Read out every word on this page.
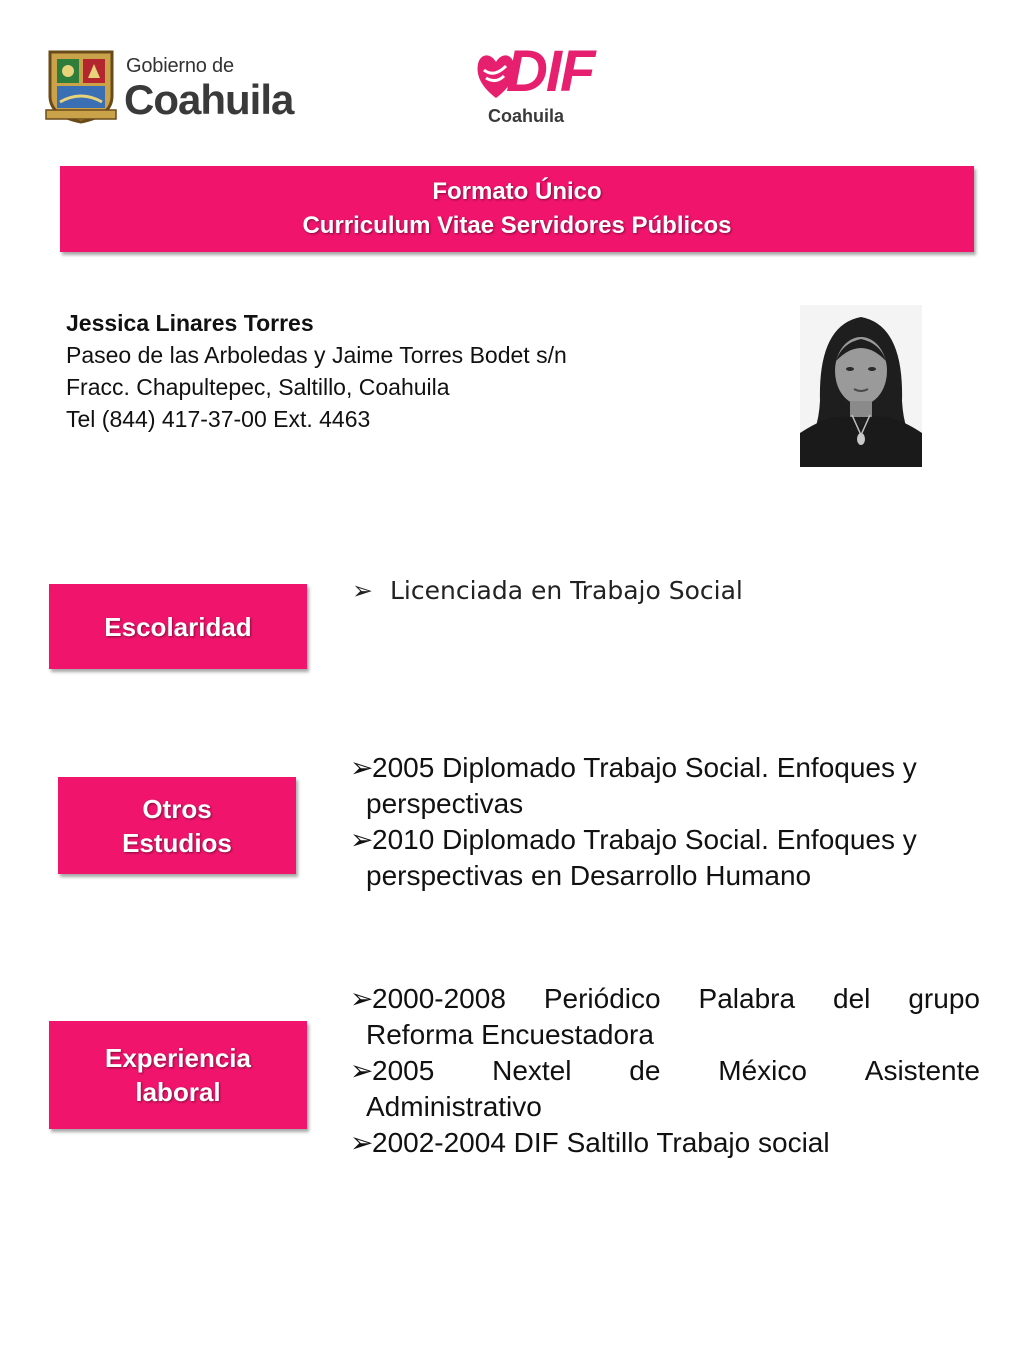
Gobierno de
Coahuila	DIF
Coahuila
Formato Único
Curriculum Vitae Servidores Públicos
Jessica Linares Torres
Paseo de las Arboledas y Jaime Torres Bodet s/n
Fracc. Chapultepec, Saltillo, Coahuila
Tel (844) 417-37-00 Ext. 4463
Escolaridad
➢ Licenciada en Trabajo Social
Otros
Estudios
➢
2005 Diplomado Trabajo Social. Enfoques y
perspectivas
➢
2010 Diplomado Trabajo Social. Enfoques y
perspectivas en Desarrollo Humano
Experiencia
laboral
➢
2000-2008 Periódico Palabra del grupo
Reforma Encuestadora
➢
2005 Nextel de México Asistente
Administrativo
➢
2002-2004 DIF Saltillo Trabajo social
